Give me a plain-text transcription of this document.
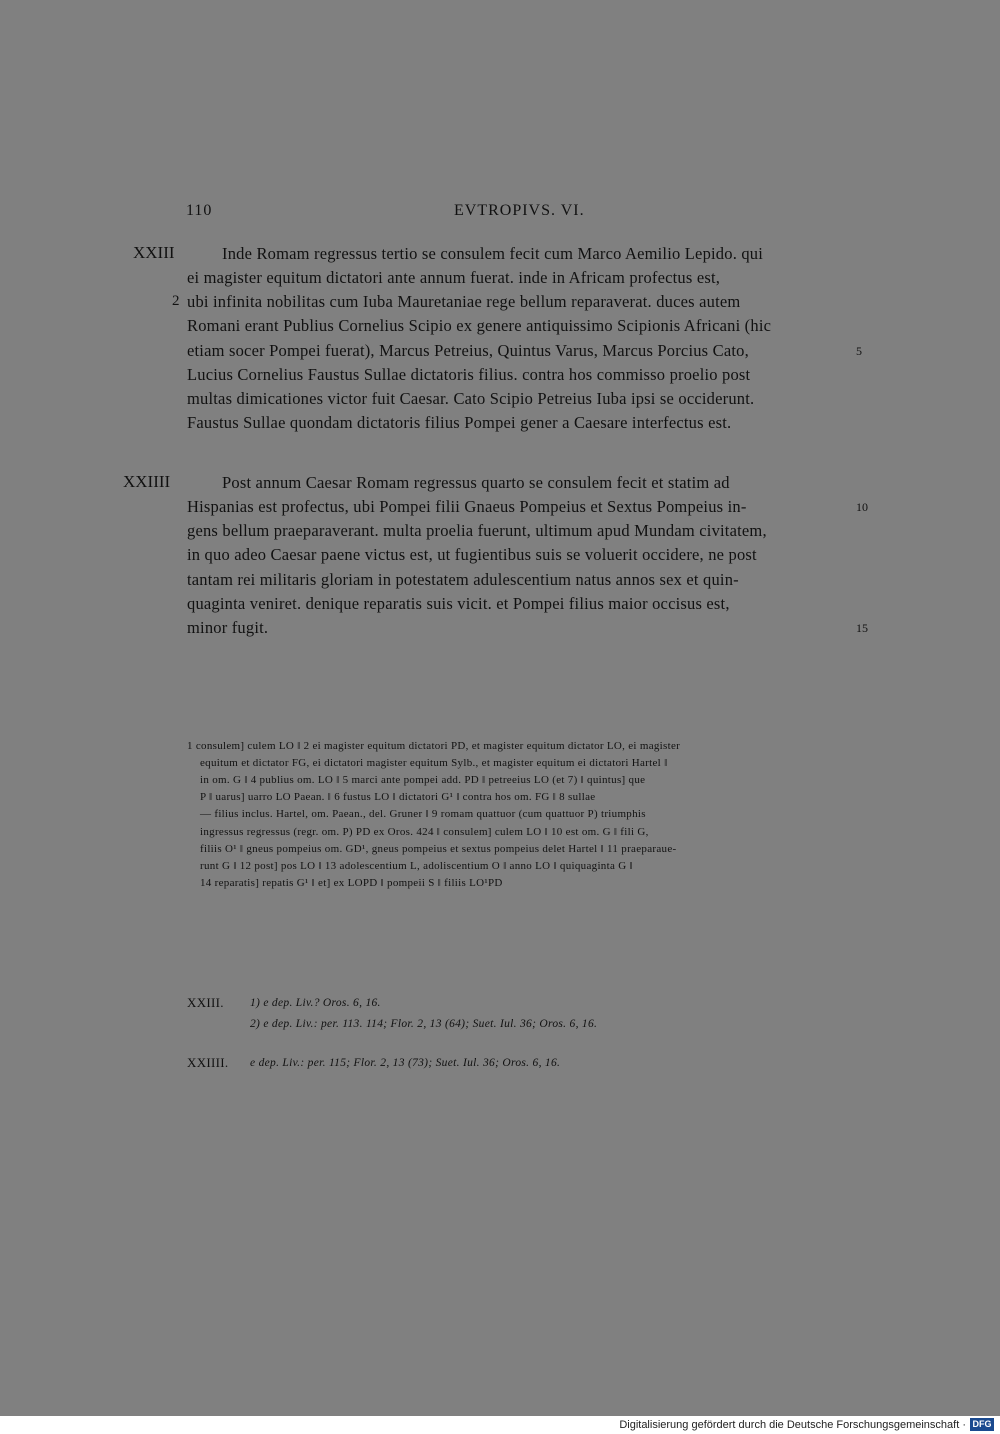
110	EVTROPIVS. VI.
XXIII	Inde Romam regressus tertio se consulem fecit cum Marco Aemilio Lepido. qui
ei magister equitum dictatori ante annum fuerat. inde in Africam profectus est,
2 ubi infinita nobilitas cum Iuba Mauretaniae rege bellum reparaverat. duces autem
Romani erant Publius Cornelius Scipio ex genere antiquissimo Scipionis Africani (hic
etiam socer Pompei fuerat), Marcus Petreius, Quintus Varus, Marcus Porcius Cato,	5
Lucius Cornelius Faustus Sullae dictatoris filius. contra hos commisso proelio post
multas dimicationes victor fuit Caesar. Cato Scipio Petreius Iuba ipsi se occiderunt.
Faustus Sullae quondam dictatoris filius Pompei gener a Caesare interfectus est.
XXIIII	Post annum Caesar Romam regressus quarto se consulem fecit et statim ad
Hispanias est profectus, ubi Pompei filii Gnaeus Pompeius et Sextus Pompeius in-	10
gens bellum praeparaverant. multa proelia fuerunt, ultimum apud Mundam civitatem,
in quo adeo Caesar paene victus est, ut fugientibus suis se voluerit occidere, ne post
tantam rei militaris gloriam in potestatem adulescentium natus annos sex et quin-
quaginta veniret. denique reparatis suis vicit. et Pompei filius maior occisus est,
minor fugit.	15
1 consulem] culem LO ‖ 2 ei magister equitum dictatori PD, et magister equitum dictator LO, ei magister
equitum et dictator FG, ei dictatori magister equitum Sylb., et magister equitum ei dictatori Hartel ‖
in om. G ‖ 4 publius om. LO ‖ 5 marci ante pompei add. PD ‖ petreeius LO (et 7) ‖ quintus] que
P ‖ uarus] uarro LO Paean. ‖ 6 fustus LO ‖ dictatori G¹ ‖ contra hos om. FG ‖ 8 sullae
— filius inclus. Hartel, om. Paean., del. Gruner ‖ 9 romam quattuor (cum quattuor P) triumphis
ingressus regressus (regr. om. P) PD ex Oros. 424 ‖ consulem] culem LO ‖ 10 est om. G ‖ fili G,
filiis O¹ ‖ gneus pompeius om. GD¹, gneus pompeius et sextus pompeius delet Hartel ‖ 11 praeparaue-
runt G ‖ 12 post] pos LO ‖ 13 adolescentium L, adoliscentium O ‖ anno LO ‖ quiquaginta G ‖
14 reparatis] repatis G¹ ‖ et] ex LOPD ‖ pompeii S ‖ filiis LO¹PD
XXIII. 1) e dep. Liv.? Oros. 6, 16.
2) e dep. Liv.: per. 113. 114; Flor. 2, 13 (64); Suet. Iul. 36; Oros. 6, 16.
XXIIII. e dep. Liv.: per. 115; Flor. 2, 13 (73); Suet. Iul. 36; Oros. 6, 16.
Digitalisierung gefördert durch die Deutsche Forschungsgemeinschaft · DFG
